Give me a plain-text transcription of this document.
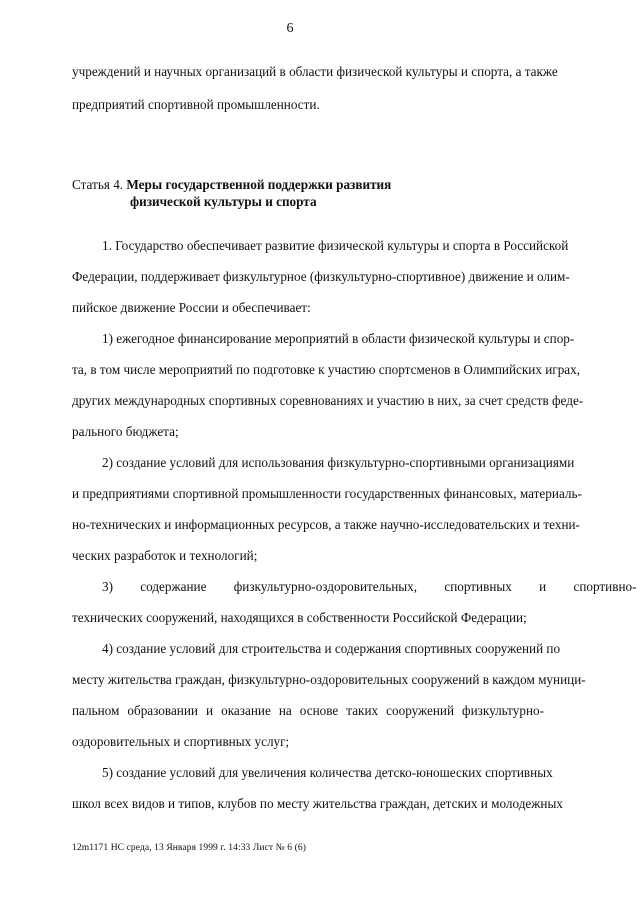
6
учреждений и научных организаций в области физической культуры и спорта, а также
предприятий спортивной промышленности.
Статья 4. Меры государственной поддержки развития
физической культуры и спорта
1. Государство обеспечивает развитие физической культуры и спорта в Российской
Федерации, поддерживает физкультурное (физкультурно-спортивное) движение и олим-
пийское движение России и обеспечивает:
1) ежегодное финансирование мероприятий в области физической культуры и спор-
та, в том числе мероприятий по подготовке к участию спортсменов в Олимпийских играх,
других международных спортивных соревнованиях и участию в них, за счет средств феде-
рального бюджета;
2) создание условий для использования физкультурно-спортивными организациями
и предприятиями спортивной промышленности государственных финансовых, материаль-
но-технических и информационных ресурсов, а также научно-исследовательских и техни-
ческих разработок и технологий;
3) содержание физкультурно-оздоровительных, спортивных и спортивно-
технических сооружений, находящихся в собственности Российской Федерации;
4) создание условий для строительства и содержания спортивных сооружений по
месту жительства граждан, физкультурно-оздоровительных сооружений в каждом муници-
пальном образовании и оказание на основе таких сооружений физкультурно-
оздоровительных и спортивных услуг;
5) создание условий для увеличения количества детско-юношеских спортивных
школ всех видов и типов, клубов по месту жительства граждан, детских и молодежных
12m1171 НС среда, 13 Января 1999 г. 14:33 Лист № 6 (6)
